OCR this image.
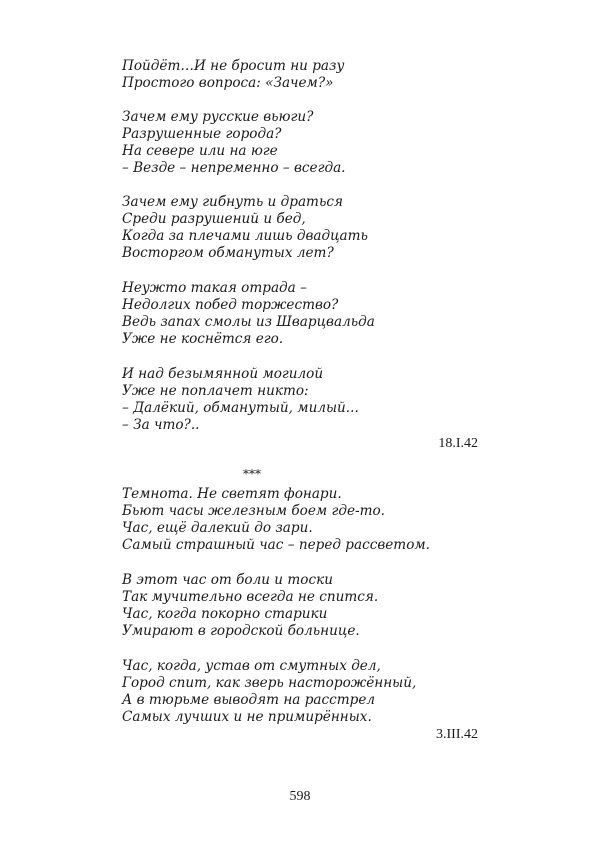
Пойдёт…И не бросит ни разу
Простого вопроса: «Зачем?»
Зачем ему русские вьюги?
Разрушенные города?
На севере или на юге
– Везде – непременно – всегда.
Зачем ему гибнуть и драться
Среди разрушений и бед,
Когда за плечами лишь двадцать
Восторгом обманутых лет?
Неужто такая отрада –
Недолгих побед торжество?
Ведь запах смолы из Шварцвальда
Уже не коснётся его.
И над безымянной могилой
Уже не поплачет никто:
– Далёкий, обманутый, милый...
– За что?..
18.I.42
***
Темнота. Не светят фонари.
Бьют часы железным боем где-то.
Час, ещё далекий до зари.
Самый страшный час – перед рассветом.
В этот час от боли и тоски
Так мучительно всегда не спится.
Час, когда покорно старики
Умирают в городской больнице.
Час, когда, устав от смутных дел,
Город спит, как зверь насторожённый,
А в тюрьме выводят на расстрел
Самых лучших и не примирённых.
3.III.42
598
